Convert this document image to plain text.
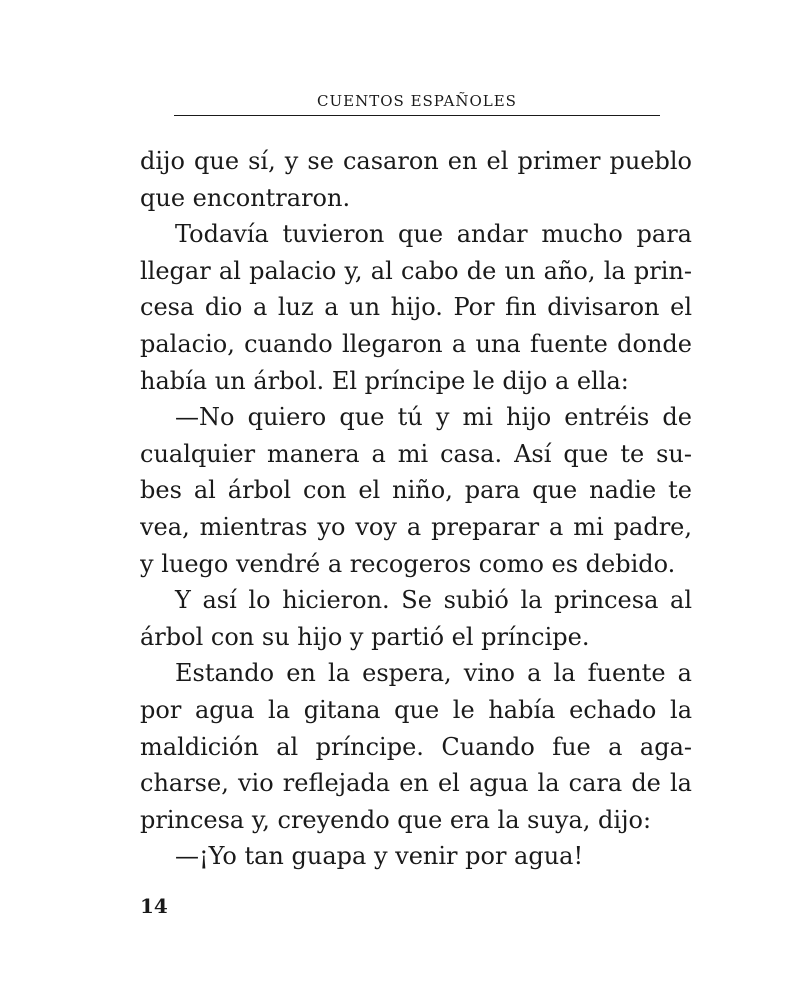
CUENTOS ESPAÑOLES
dijo que sí, y se casaron en el primer pueblo
que encontraron.
Todavía tuvieron que andar mucho para
llegar al palacio y, al cabo de un año, la prin-
cesa dio a luz a un hijo. Por fin divisaron el
palacio, cuando llegaron a una fuente donde
había un árbol. El príncipe le dijo a ella:
—No quiero que tú y mi hijo entréis de
cualquier manera a mi casa. Así que te su-
bes al árbol con el niño, para que nadie te
vea, mientras yo voy a preparar a mi padre,
y luego vendré a recogeros como es debido.
Y así lo hicieron. Se subió la princesa al
árbol con su hijo y partió el príncipe.
Estando en la espera, vino a la fuente a
por agua la gitana que le había echado la
maldición al príncipe. Cuando fue a aga-
charse, vio reflejada en el agua la cara de la
princesa y, creyendo que era la suya, dijo:
—¡Yo tan guapa y venir por agua!
14
